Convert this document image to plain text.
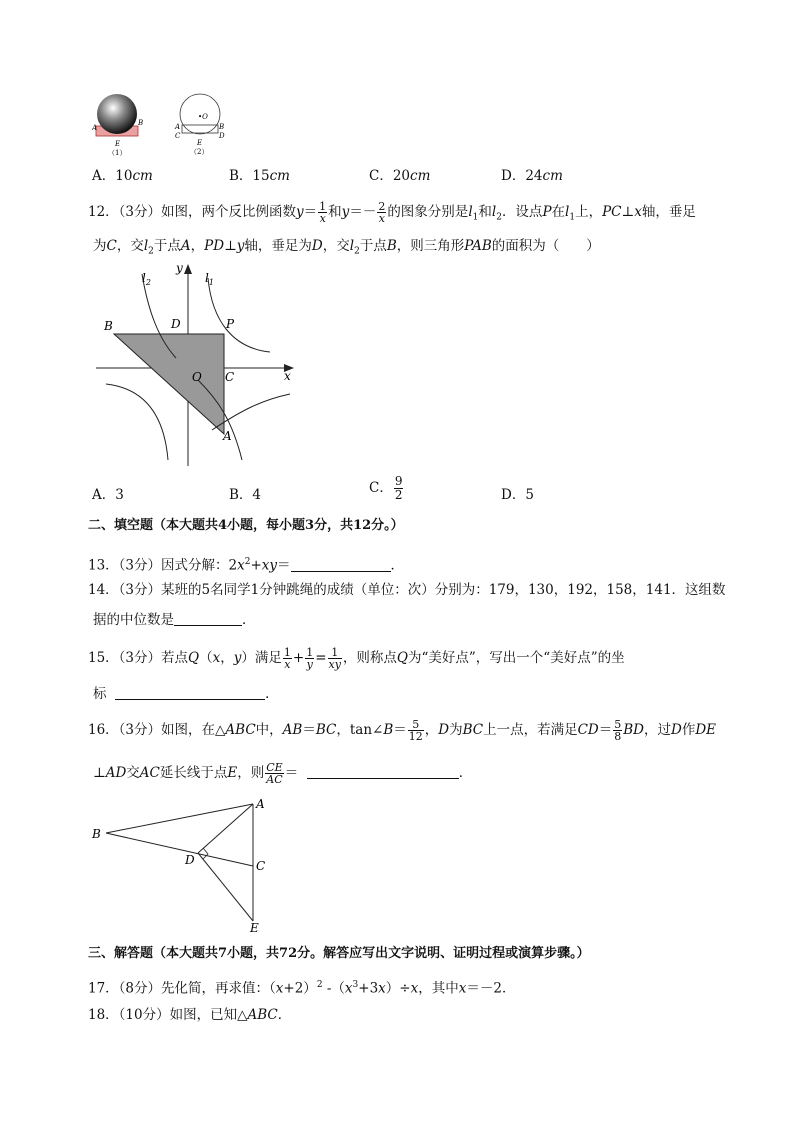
A
B
E
（1）
•O
A	B
C	D
E
（2）
A．10cm	B．15cm	C．20cm	D．24cm
12．（3分）如图，两个反比例函数$y= \frac{1}{x}$ 和$y=- \frac{2}{x}$ 的图象分别是$l_1$和$l_2$．设点P在$l_1$上，PC⊥x轴，垂足
为C，交$l_2$于点A，PD⊥y轴，垂足为D，交$l_2$于点B，则三角形PAB的面积为（　　）
$l_2$	$l_1$
y
x
B	D	P
O C
A
A．3	B．4	C． $\frac{9}{2}$	D．5
二、填空题（本大题共4小题，每小题3分，共12分。）
13．（3分）因式分解：$2x^2+xy=$	．
14．（3分）某班的5名同学1分钟跳绳的成绩（单位：次）分别为：179，130，192，158，141．这组数
据的中位数是	．
15．（3分）若点Q（x，y）满足 $\frac{1}{x} + \frac{1}{y} = \frac{1}{xy}$ ，则称点Q为“美好点”，写出一个“美好点”的坐
标	．
16．（3分）如图，在△ABC中，AB＝BC，tan∠B＝ $\frac{5}{12}$ ，D为BC上一点，若满足$CD= \frac{5}{8}$ BD，过D作DE
⊥AD交AC延长线于点E，则 $\frac{CE}{AC}$ ＝	．
A
B
C
D
E
三、解答题（本大题共7小题，共72分。解答应写出文字说明、证明过程或演算步骤。）
17．（8分）先化简，再求值：$(x+2)^2$ $-(x^3+3x)\div x$，其中x＝－2．
18．（10分）如图，已知△ABC．
